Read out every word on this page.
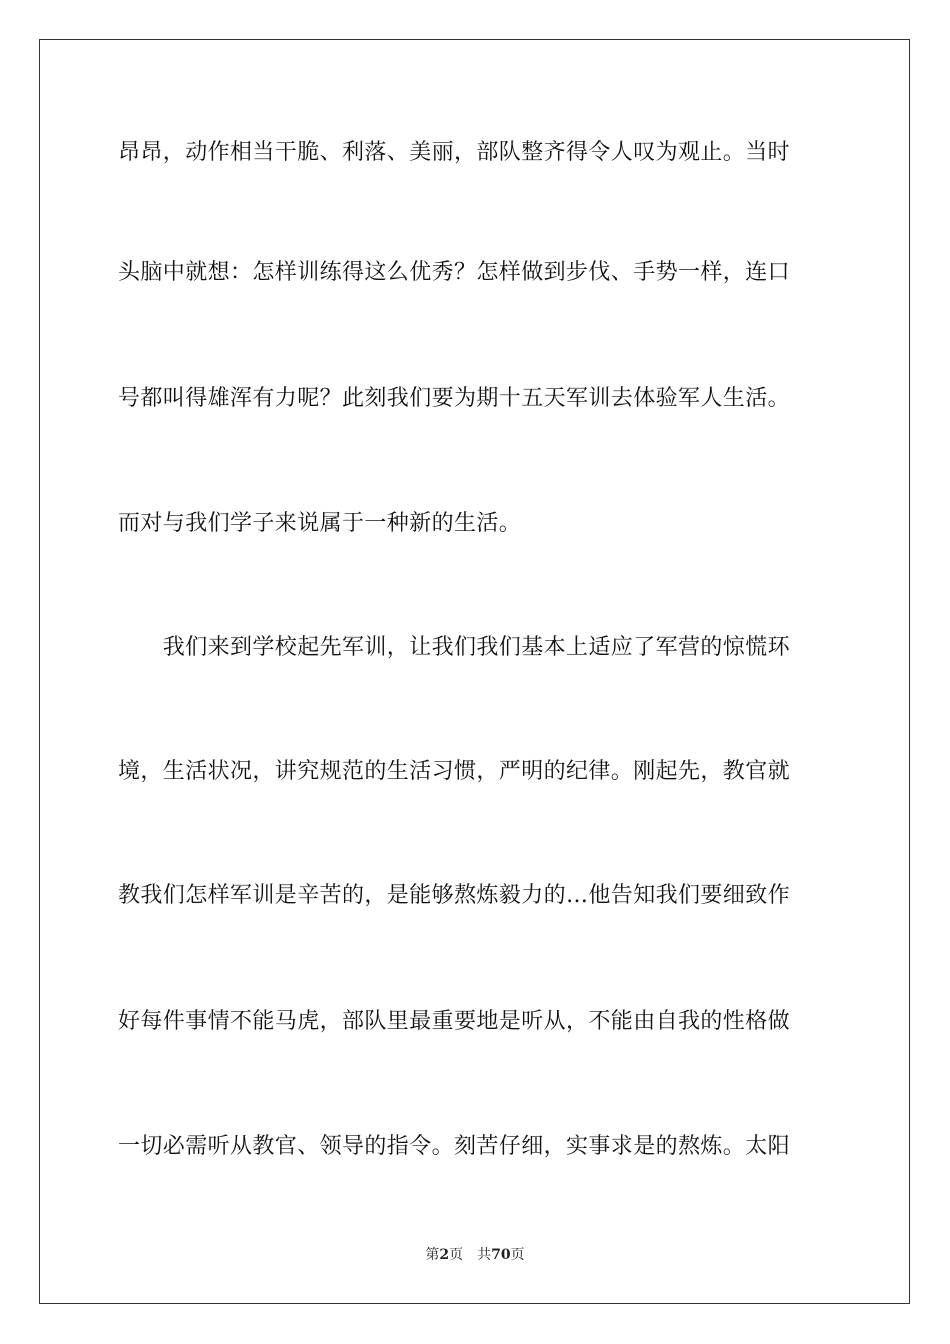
昂昂，动作相当干脆、利落、美丽，部队整齐得令人叹为观止。当时
头脑中就想：怎样训练得这么优秀？怎样做到步伐、手势一样，连口
号都叫得雄浑有力呢？此刻我们要为期十五天军训去体验军人生活。
而对与我们学子来说属于一种新的生活。
　　我们来到学校起先军训，让我们我们基本上适应了军营的惊慌环
境，生活状况，讲究规范的生活习惯，严明的纪律。刚起先，教官就
教我们怎样军训是辛苦的，是能够熬炼毅力的…他告知我们要细致作
好每件事情不能马虎，部队里最重要地是听从，不能由自我的性格做
一切必需听从教官、领导的指令。刻苦仔细，实事求是的熬炼。太阳
第2页 共70页
